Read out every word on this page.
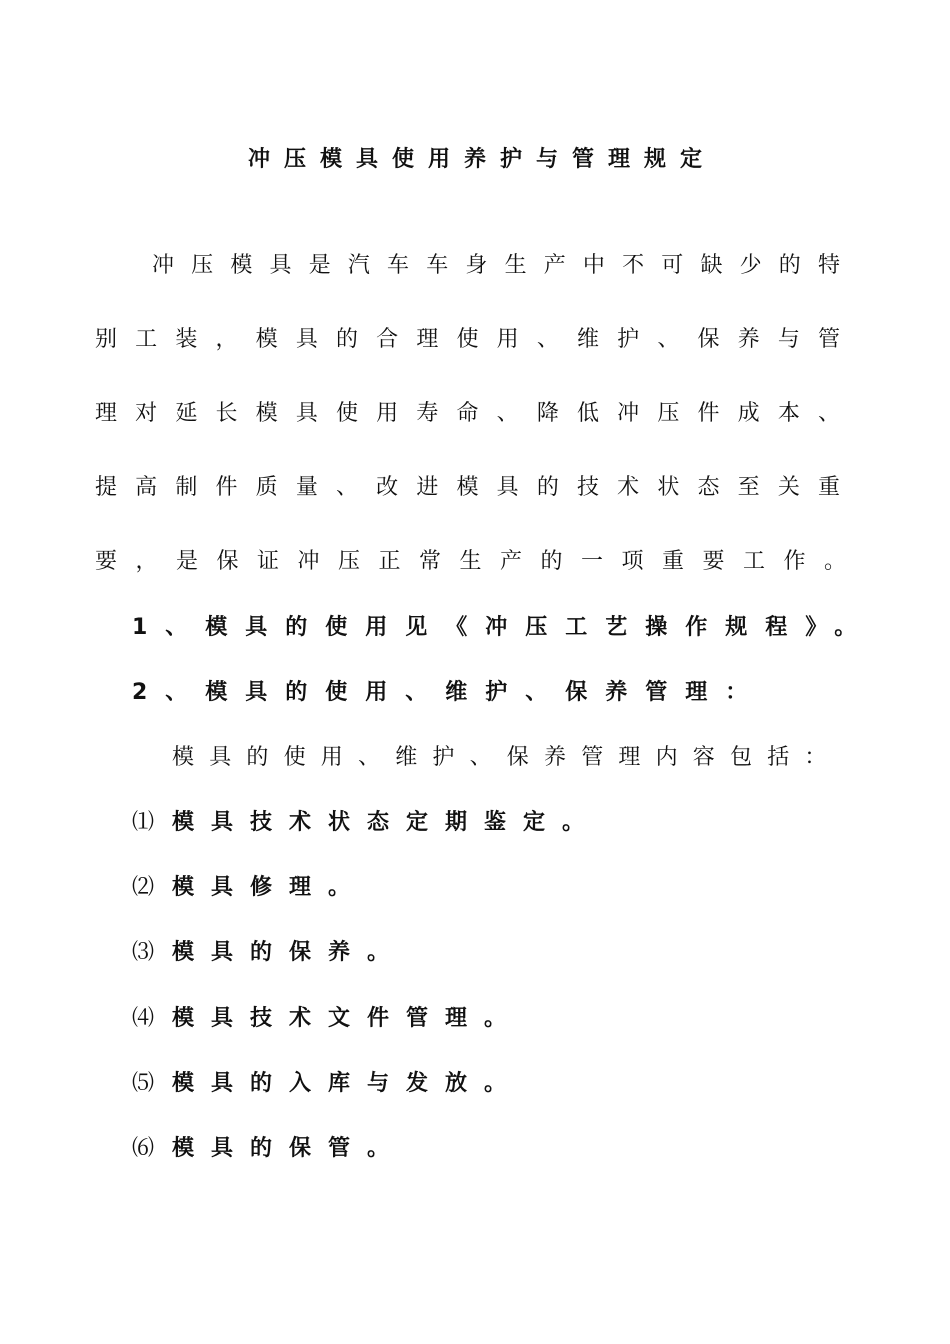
冲压模具使用养护与管理规定
冲压模具是汽车车身生产中不可缺少的特
别工装，模具的合理使用、维护、保养与管
理对延长模具使用寿命、降低冲压件成本、
提高制件质量、改进模具的技术状态至关重
要，是保证冲压正常生产的一项重要工作。
1、模具的使用见《冲压工艺操作规程》。
2、模具的使用、维护、保养管理：
模具的使用、维护、保养管理内容包括：
⑴ 模具技术状态定期鉴定。
⑵ 模具修理。
⑶ 模具的保养。
⑷ 模具技术文件管理。
⑸ 模具的入库与发放。
⑹ 模具的保管。
